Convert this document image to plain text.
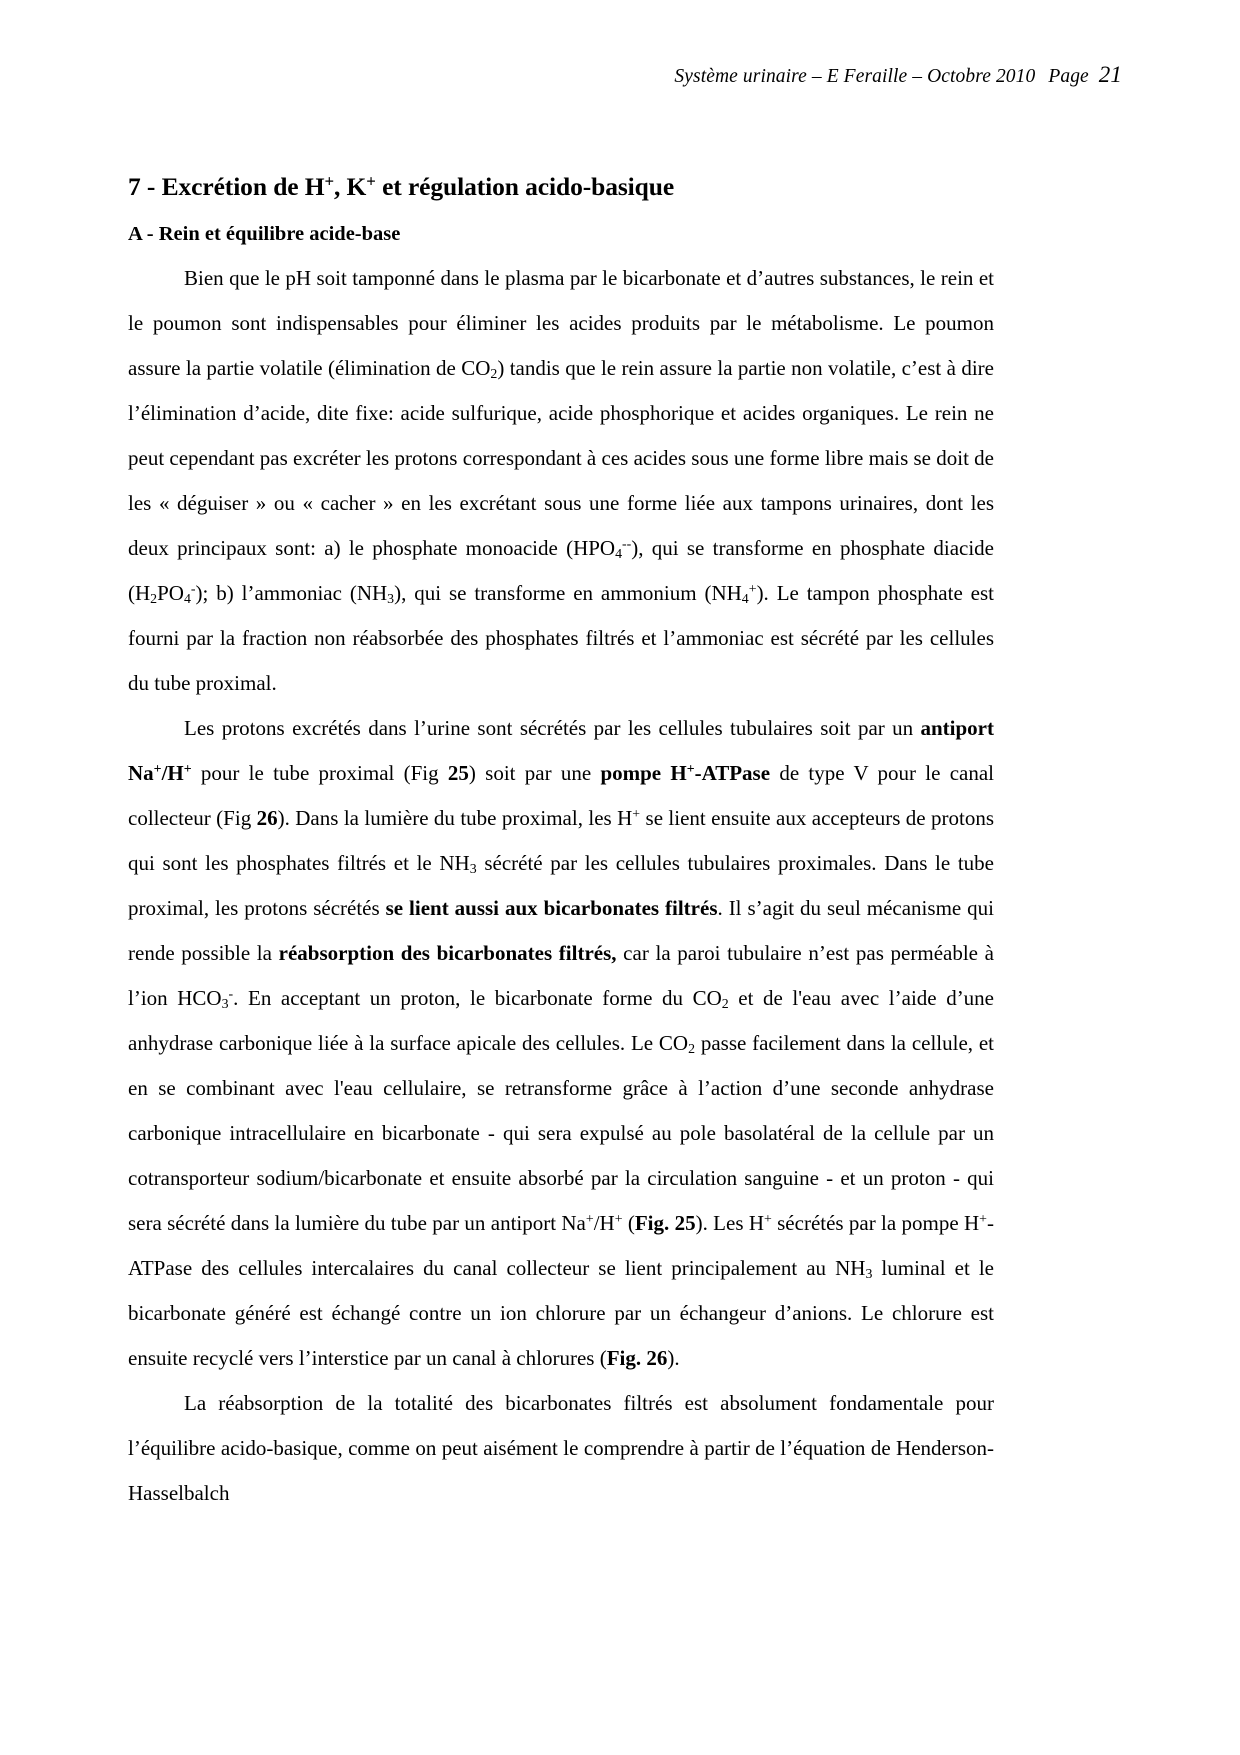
Système urinaire – E Feraille – Octobre 2010 Page 21
7 - Excrétion de H+, K+ et régulation acido-basique
A - Rein et équilibre acide-base

Bien que le pH soit tamponné dans le plasma par le bicarbonate et d’autres substances, le rein et le poumon sont indispensables pour éliminer les acides produits par le métabolisme. Le poumon assure la partie volatile (élimination de $CO_2$) tandis que le rein assure la partie non volatile, c’est à dire l’élimination d’acide, dite fixe: acide sulfurique, acide phosphorique et acides organiques. Le rein ne peut cependant pas excréter les protons correspondant à ces acides sous une forme libre mais se doit de les « déguiser » ou « cacher » en les excrétant sous une forme liée aux tampons urinaires, dont les deux principaux sont: a) le phosphate monoacide $(HPO_4^{--})$, qui se transforme en phosphate diacide $(H_2PO_4^-)$; b) l’ammoniac $(NH_3)$, qui se transforme en ammonium $(NH_4^+)$. Le tampon phosphate est fourni par la fraction non réabsorbée des phosphates filtrés et l’ammoniac est sécrété par les cellules du tube proximal.

Les protons excrétés dans l’urine sont sécrétés par les cellules tubulaires soit par un antiport Na+/H+ pour le tube proximal (Fig 25) soit par une pompe H+-ATPase de type V pour le canal collecteur (Fig 26). Dans la lumière du tube proximal, les H+ se lient ensuite aux accepteurs de protons qui sont les phosphates filtrés et le $NH_3$ sécrété par les cellules tubulaires proximales. Dans le tube proximal, les protons sécrétés se lient aussi aux bicarbonates filtrés. Il s’agit du seul mécanisme qui rende possible la réabsorption des bicarbonates filtrés, car la paroi tubulaire n’est pas perméable à l’ion $HCO_3^-$. En acceptant un proton, le bicarbonate forme du $CO_2$ et de l'eau avec l’aide d’une anhydrase carbonique liée à la surface apicale des cellules. Le $CO_2$ passe facilement dans la cellule, et en se combinant avec l'eau cellulaire, se retransforme grâce à l’action d’une seconde anhydrase carbonique intracellulaire en bicarbonate - qui sera expulsé au pole basolatéral de la cellule par un cotransporteur sodium/bicarbonate et ensuite absorbé par la circulation sanguine - et un proton - qui sera sécrété dans la lumière du tube par un antiport Na+/H+ (Fig. 25). Les H+ sécrétés par la pompe H+-ATPase des cellules intercalaires du canal collecteur se lient principalement au $NH_3$ luminal et le bicarbonate généré est échangé contre un ion chlorure par un échangeur d’anions. Le chlorure est ensuite recyclé vers l’interstice par un canal à chlorures (Fig. 26).

La réabsorption de la totalité des bicarbonates filtrés est absolument fondamentale pour l’équilibre acido-basique, comme on peut aisément le comprendre à partir de l’équation de Henderson-Hasselbalch
